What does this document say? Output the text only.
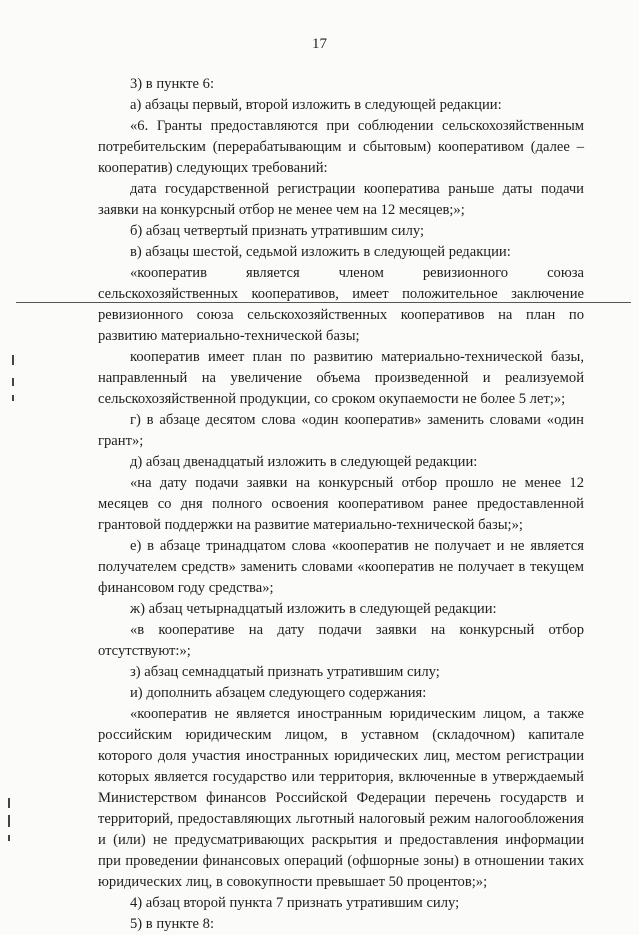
17

3) в пункте 6:

а) абзацы первый, второй изложить в следующей редакции:

«6. Гранты предоставляются при соблюдении сельскохозяйственным потребительским (перерабатывающим и сбытовым) кооперативом (далее – кооператив) следующих требований:

дата государственной регистрации кооператива раньше даты подачи заявки на конкурсный отбор не менее чем на 12 месяцев;»;

б) абзац четвертый признать утратившим силу;

в) абзацы шестой, седьмой изложить в следующей редакции:

«кооператив является членом ревизионного союза сельскохозяйственных кооперативов, имеет положительное заключение ревизионного союза сельскохозяйственных кооперативов на план по развитию материально-технической базы;

кооператив имеет план по развитию материально-технической базы, направленный на увеличение объема произведенной и реализуемой сельскохозяйственной продукции, со сроком окупаемости не более 5 лет;»;

г) в абзаце десятом слова «один кооператив» заменить словами «один грант»;

д) абзац двенадцатый изложить в следующей редакции:

«на дату подачи заявки на конкурсный отбор прошло не менее 12 месяцев со дня полного освоения кооперативом ранее предоставленной грантовой поддержки на развитие материально-технической базы;»;

е) в абзаце тринадцатом слова «кооператив не получает и не является получателем средств» заменить словами «кооператив не получает в текущем финансовом году средства»;

ж) абзац четырнадцатый изложить в следующей редакции:

«в кооперативе на дату подачи заявки на конкурсный отбор отсутствуют:»;

з) абзац семнадцатый признать утратившим силу;

и) дополнить абзацем следующего содержания:

«кооператив не является иностранным юридическим лицом, а также российским юридическим лицом, в уставном (складочном) капитале которого доля участия иностранных юридических лиц, местом регистрации которых является государство или территория, включенные в утверждаемый Министерством финансов Российской Федерации перечень государств и территорий, предоставляющих льготный налоговый режим налогообложения и (или) не предусматривающих раскрытия и предоставления информации при проведении финансовых операций (офшорные зоны) в отношении таких юридических лиц, в совокупности превышает 50 процентов;»;

4) абзац второй пункта 7 признать утратившим силу;

5) в пункте 8:
